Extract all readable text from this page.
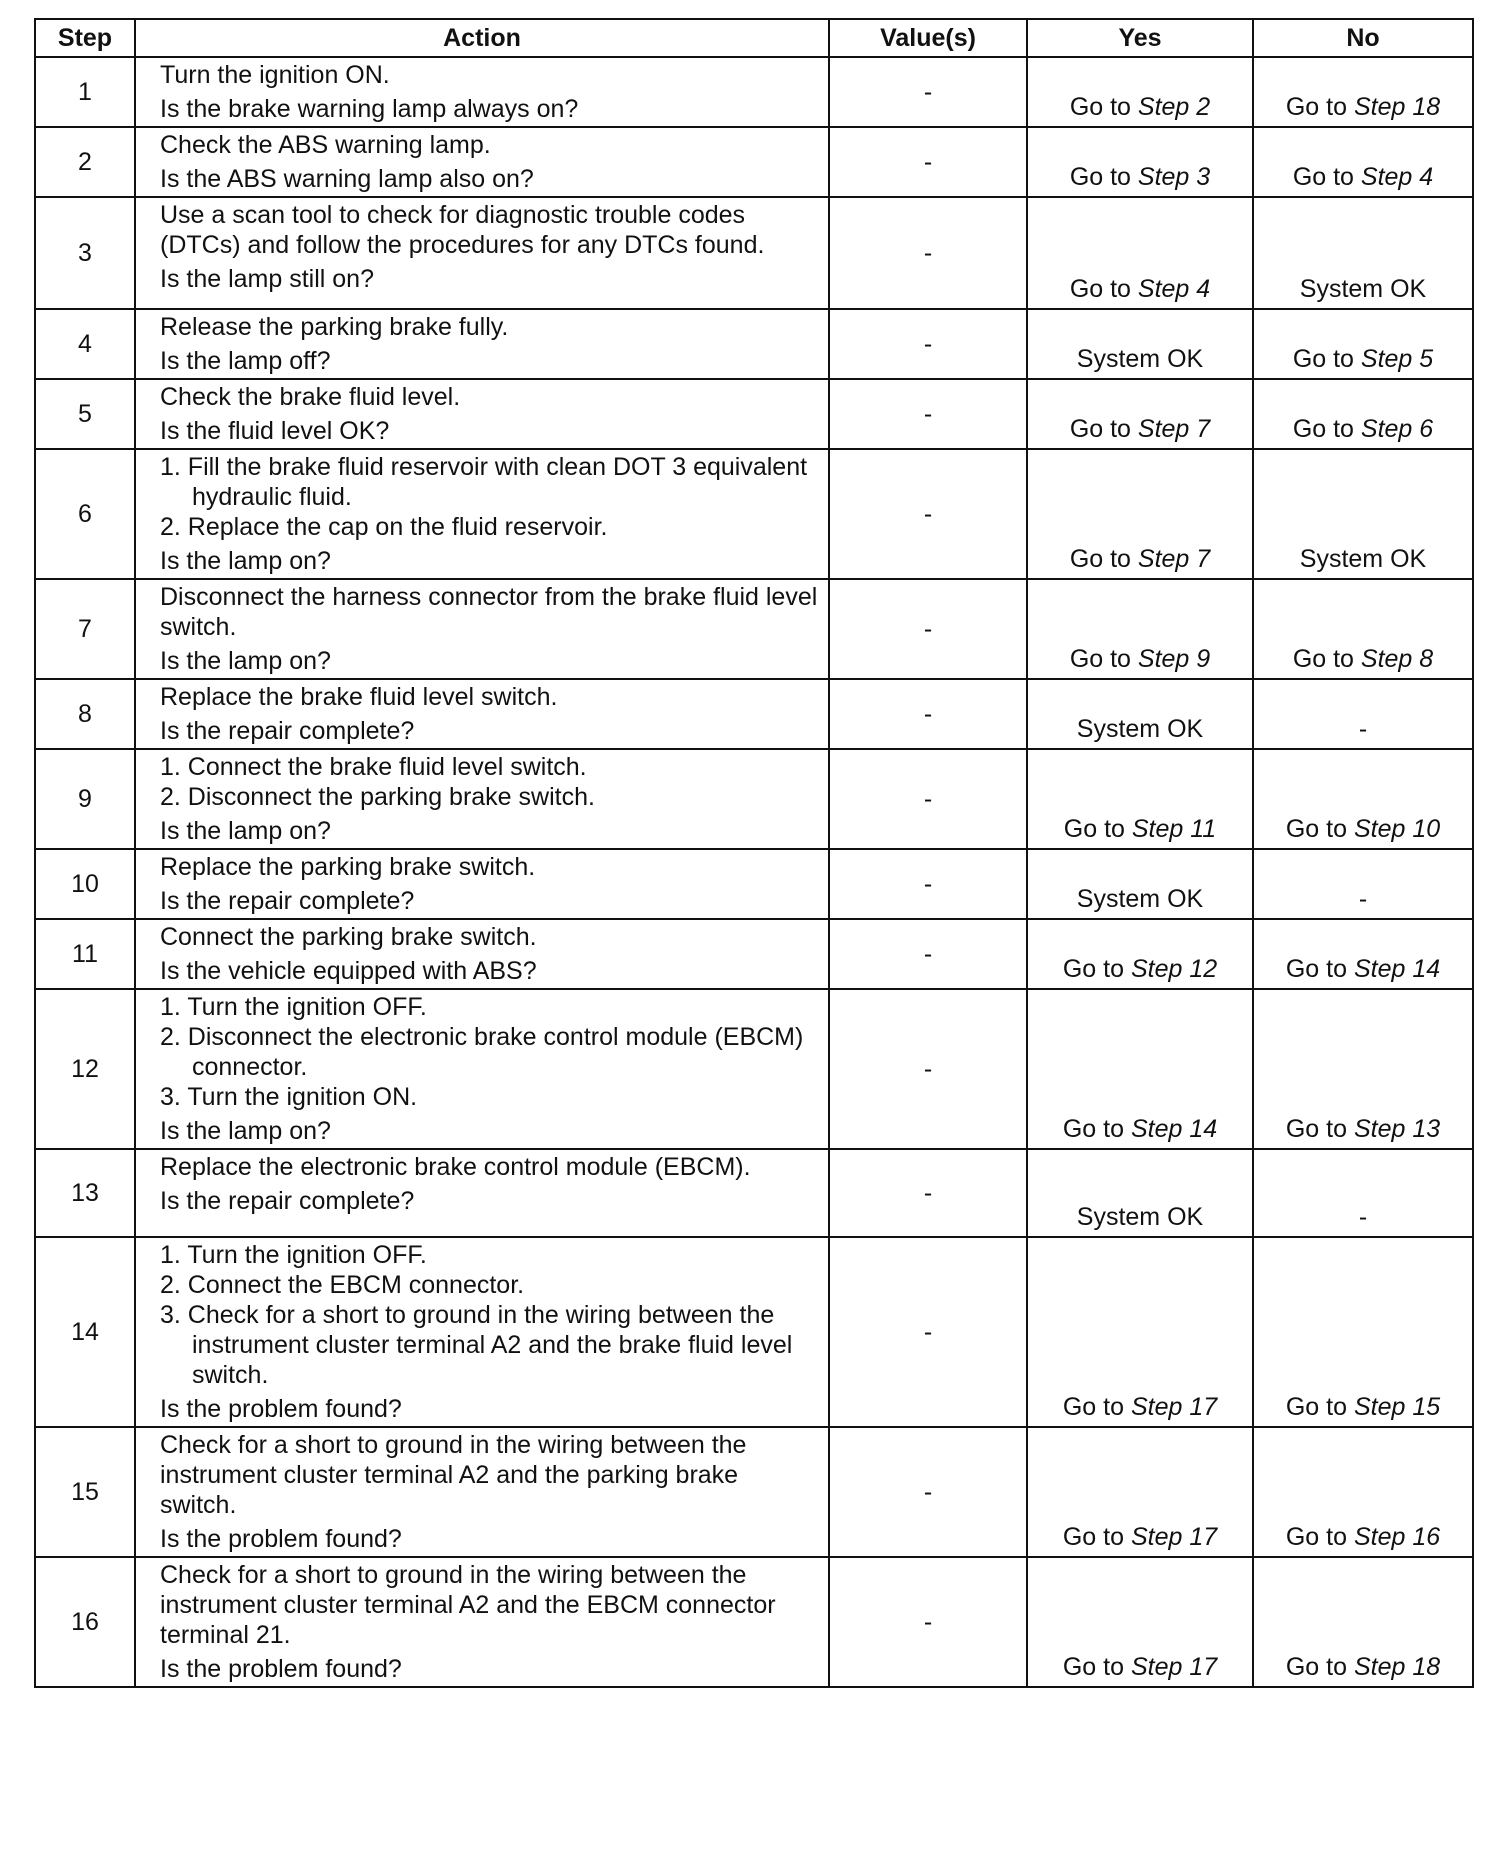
Step	Action	Value(s)	Yes	No
1	Turn the ignition ON.
Is the brake warning lamp always on?	-	Go to Step 2	Go to Step 18
2	Check the ABS warning lamp.
Is the ABS warning lamp also on?	-	Go to Step 3	Go to Step 4
3	Use a scan tool to check for diagnostic trouble codes (DTCs) and follow the procedures for any DTCs found.
Is the lamp still on?	-	Go to Step 4	System OK
4	Release the parking brake fully.
Is the lamp off?	-	System OK	Go to Step 5
5	Check the brake fluid level.
Is the fluid level OK?	-	Go to Step 7	Go to Step 6
6	1. Fill the brake fluid reservoir with clean DOT 3 equivalent hydraulic fluid.
2. Replace the cap on the fluid reservoir.
Is the lamp on?	-	Go to Step 7	System OK
7	Disconnect the harness connector from the brake fluid level switch.
Is the lamp on?	-	Go to Step 9	Go to Step 8
8	Replace the brake fluid level switch.
Is the repair complete?	-	System OK	-
9	1. Connect the brake fluid level switch.
2. Disconnect the parking brake switch.
Is the lamp on?	-	Go to Step 11	Go to Step 10
10	Replace the parking brake switch.
Is the repair complete?	-	System OK	-
11	Connect the parking brake switch.
Is the vehicle equipped with ABS?	-	Go to Step 12	Go to Step 14
12	1. Turn the ignition OFF.
2. Disconnect the electronic brake control module (EBCM) connector.
3. Turn the ignition ON.
Is the lamp on?	-	Go to Step 14	Go to Step 13
13	Replace the electronic brake control module (EBCM).
Is the repair complete?	-	System OK	-
14	1. Turn the ignition OFF.
2. Connect the EBCM connector.
3. Check for a short to ground in the wiring between the instrument cluster terminal A2 and the brake fluid level switch.
Is the problem found?	-	Go to Step 17	Go to Step 15
15	Check for a short to ground in the wiring between the instrument cluster terminal A2 and the parking brake switch.
Is the problem found?	-	Go to Step 17	Go to Step 16
16	Check for a short to ground in the wiring between the instrument cluster terminal A2 and the EBCM connector terminal 21.
Is the problem found?	-	Go to Step 17	Go to Step 18
